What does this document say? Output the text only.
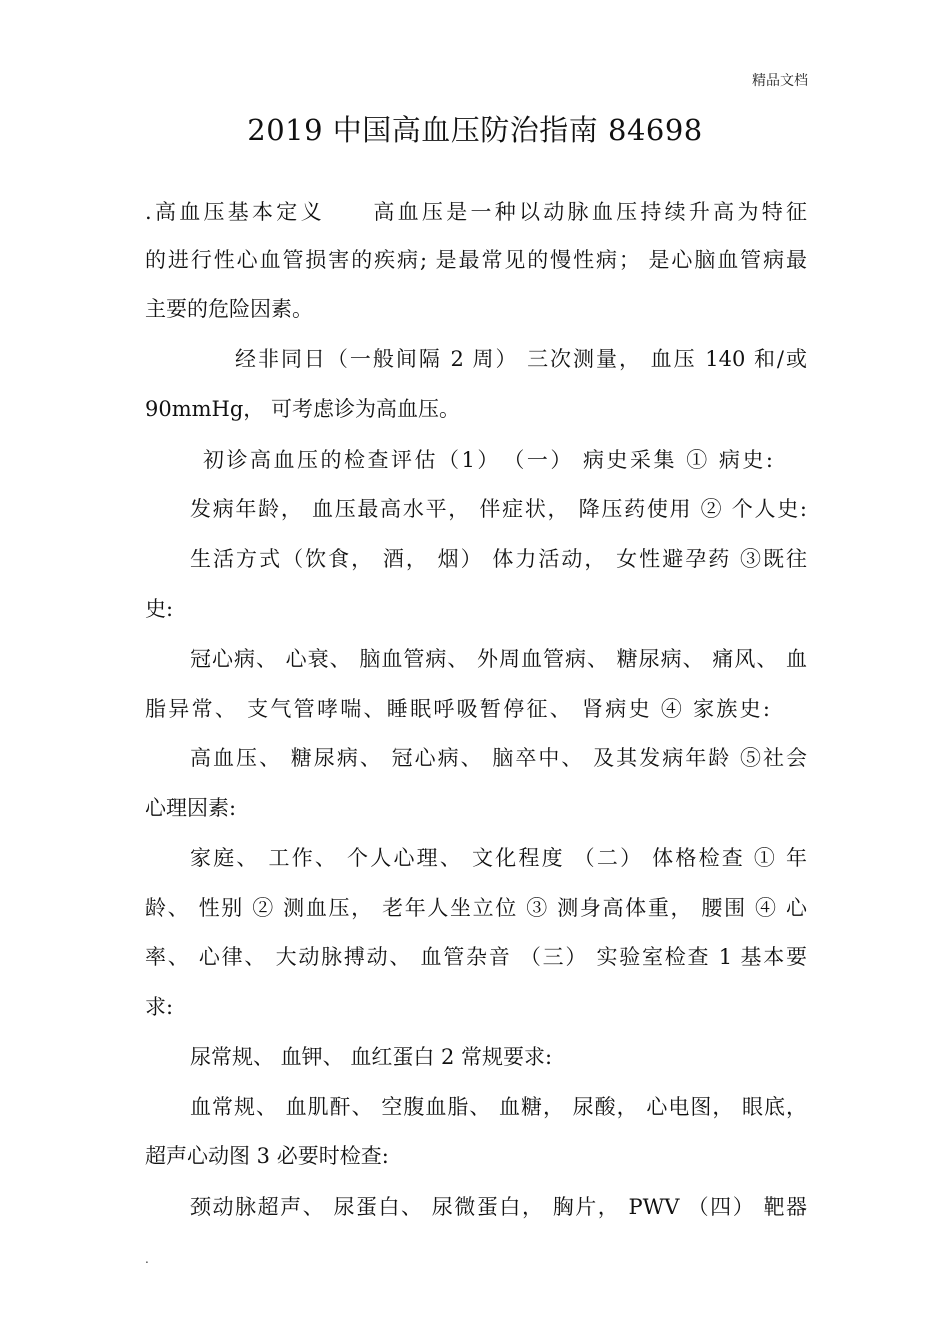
精品文档
2019 中国高血压防治指南 84698
.高血压基本定义　　高血压是一种以动脉血压持续升高为特征
的进行性心血管损害的疾病; 是最常见的慢性病； 是心脑血管病最
主要的危险因素。
经非同日（一般间隔 2 周） 三次测量， 血压 140 和/或
90mmHg， 可考虑诊为高血压。
初诊高血压的检查评估（1）　（一） 病史采集 ① 病史:
发病年龄， 血压最高水平， 伴症状， 降压药使用 ② 个人史:
生活方式（饮食， 酒， 烟） 体力活动， 女性避孕药 ③既往
史:
冠心病、 心衰、 脑血管病、 外周血管病、 糖尿病、 痛风、 血
脂异常、 支气管哮喘、睡眠呼吸暂停征、 肾病史 ④ 家族史:
高血压、 糖尿病、 冠心病、 脑卒中、 及其发病年龄 ⑤社会
心理因素:
家庭、 工作、 个人心理、 文化程度 （二） 体格检查 ① 年
龄、 性别 ② 测血压， 老年人坐立位 ③ 测身高体重， 腰围 ④ 心
率、 心律、 大动脉搏动、 血管杂音 （三） 实验室检查 1 基本要
求:
尿常规、 血钾、 血红蛋白 2 常规要求:
血常规、 血肌酐、 空腹血脂、 血糖， 尿酸， 心电图， 眼底，
超声心动图 3 必要时检查:
颈动脉超声、 尿蛋白、 尿微蛋白， 胸片， PWV （四） 靶器
.
